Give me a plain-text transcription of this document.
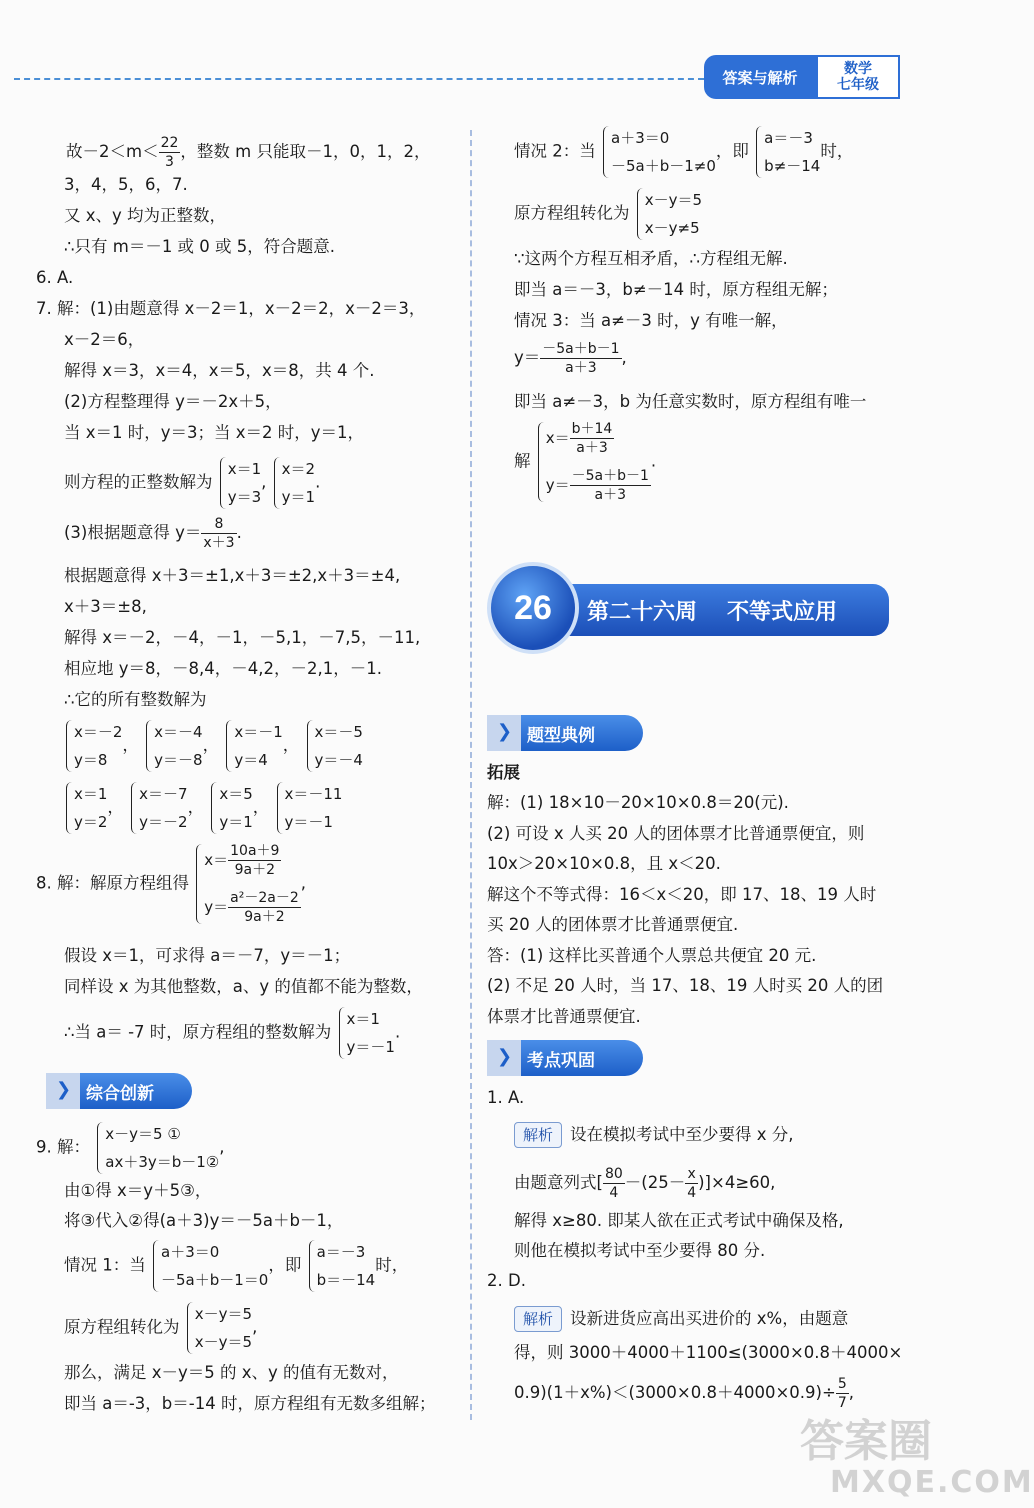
答案与解析	数学
七年级
故$-2<m< \frac{22}{3}$ ，整数 m 只能取－1，0，1，2，
3，4，5，6，7.
又 x、y 均为正整数，
∴只有 m＝－1 或 0 或 5，符合题意.
6. A.
7. 解：(1)由题意得 x－2＝1，x－2＝2，x－2＝3，
x－2＝6，
解得 x＝3，x＝4，x＝5，x＝8，共 4 个.
(2)方程整理得 y＝－2x＋5，
当 x＝1 时，y＝3；当 x＝2 时，y＝1，
则方程的正整数解为
x＝1
y＝3
,
x＝2
y＝1
.
(3)根据题意得 $y= \frac{8}{x+3}$ .
根据题意得 x＋3＝±1,x＋3＝±2,x＋3＝±4,
x＋3＝±8,
解得 x＝－2，－4，－1，－5,1，－7,5，－11,
相应地 y＝8，－8,4，－4,2，－2,1，－1.
∴它的所有整数解为
x＝－2
y＝8
，
x＝－4
y＝－8
，
x＝－1
y＝4
，
x＝－5
y＝－4
x＝1
y＝2
，
x＝－7
y＝－2
，
x＝5
y＝1
，
x＝－11
y＝－1
8. 解：解原方程组得
$x= \frac{10a+9}{9a+2}$
$y= \frac{\text{a²－2a－2}}{9a+2}$
,
假设 x＝1，可求得 a＝－7，y＝－1；
同样设 x 为其他整数，a、y 的值都不能为整数，
∴当 a＝ -7 时，原方程组的整数解为
x＝1
y＝－1
.
❯
综合创新
9. 解：
x－y＝5 ①
ax＋3y＝b－1②
,
由①得 x＝y＋5③，
将③代入②得(a＋3)y＝－5a＋b－1，
情况 1：当
a＋3＝0
－5a＋b－1＝0
，即
a＝－3
b＝－14
时，
原方程组转化为
x－y＝5
x－y＝5
,
那么，满足 x－y＝5 的 x、y 的值有无数对，
即当 a＝-3，b＝-14 时，原方程组有无数多组解；
情况 2：当
a＋3＝0
－5a＋b－1≠0
，即
a＝－3
b≠－14
时，
原方程组转化为
x－y＝5
x－y≠5
∵这两个方程互相矛盾，∴方程组无解.
即当 a＝－3，b≠－14 时，原方程组无解；
情况 3：当 a≠－3 时，y 有唯一解，
$y= \frac{-5a+b-1}{a+3}$ ,
即当 a≠－3，b 为任意实数时，原方程组有唯一
解
$x= \frac{b+14}{a+3}$
$y= \frac{-5a+b-1}{a+3}$
.
第二十六周 不等式应用
26
❯
题型典例
拓展
解：(1) 18×10－20×10×0.8＝20(元).
(2) 可设 x 人买 20 人的团体票才比普通票便宜，则
10x＞20×10×0.8，且 x＜20.
解这个不等式得：16＜x＜20，即 17、18、19 人时
买 20 人的团体票才比普通票便宜.
答：(1) 这样比买普通个人票总共便宜 20 元.
(2) 不足 20 人时，当 17、18、19 人时买 20 人的团
体票才比普通票便宜.
❯
考点巩固
1. A.
解析 设在模拟考试中至少要得 x 分,
由题意列式[ $\frac{80}{4} -(25- \frac{x}{4} )]\times 4\ge 60$,
解得 x≥80. 即某人欲在正式考试中确保及格,
则他在模拟考试中至少要得 80 分.
2. D.
解析 设新进货应高出买进价的 x%，由题意
得，则 3000＋4000＋1100≤(3000×0.8＋4000×
$0.9)(1+x\%)<(3000\times 0.8+4000\times 0.9)\div \frac{5}{7}$ ,
答案圈
MXQE.COM
